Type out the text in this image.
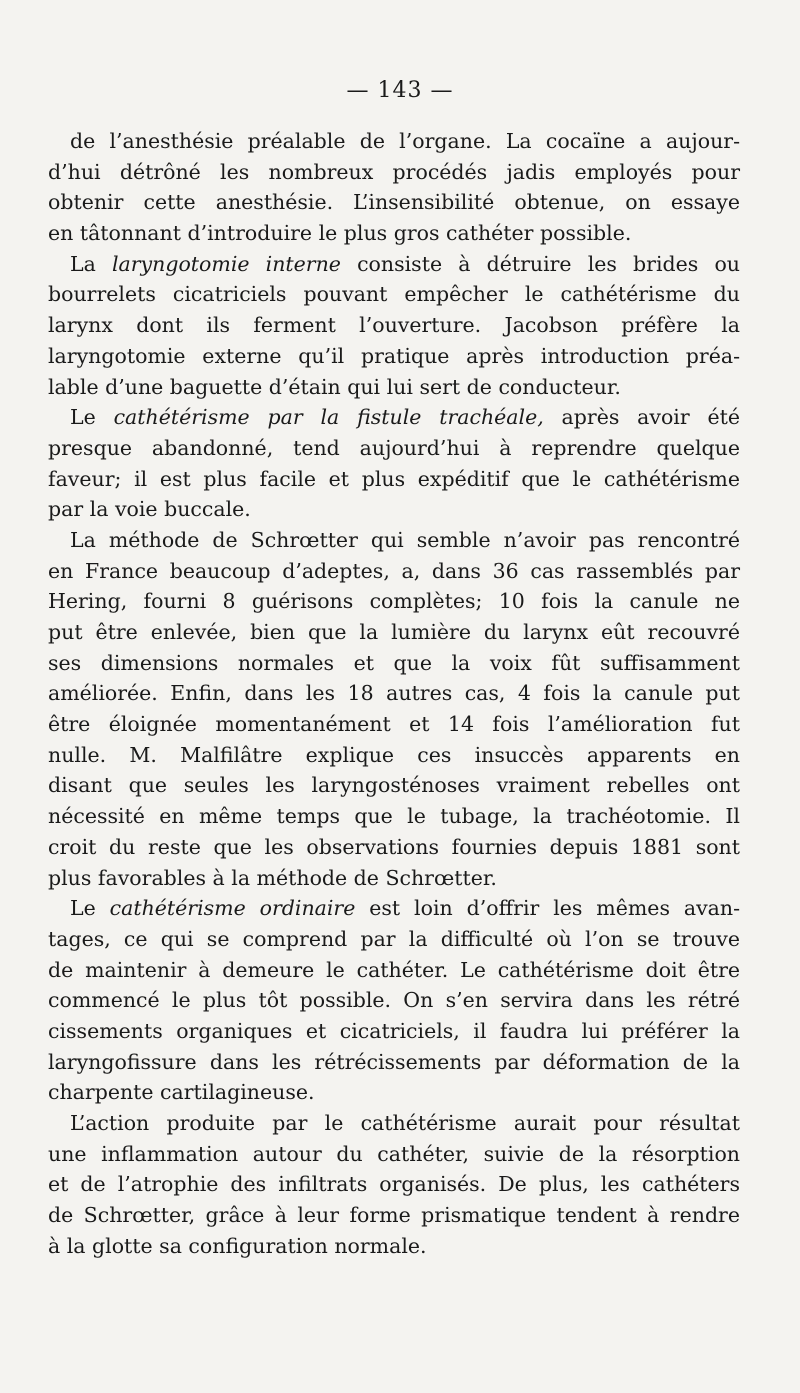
— 143 —
de l’anesthésie préalable de l’organe. La cocaïne a aujour-
d’hui détrôné les nombreux procédés jadis employés pour
obtenir cette anesthésie. L’insensibilité obtenue, on essaye
en tâtonnant d’introduire le plus gros cathéter possible.
La laryngotomie interne consiste à détruire les brides ou
bourrelets cicatriciels pouvant empêcher le cathétérisme du
larynx dont ils ferment l’ouverture. Jacobson préfère la
laryngotomie externe qu’il pratique après introduction préa-
lable d’une baguette d’étain qui lui sert de conducteur.
Le cathétérisme par la fistule trachéale, après avoir été
presque abandonné, tend aujourd’hui à reprendre quelque
faveur; il est plus facile et plus expéditif que le cathétérisme
par la voie buccale.
La méthode de Schrœtter qui semble n’avoir pas rencontré
en France beaucoup d’adeptes, a, dans 36 cas rassemblés par
Hering, fourni 8 guérisons complètes; 10 fois la canule ne
put être enlevée, bien que la lumière du larynx eût recouvré
ses dimensions normales et que la voix fût suffisamment
améliorée. Enfin, dans les 18 autres cas, 4 fois la canule put
être éloignée momentanément et 14 fois l’amélioration fut
nulle. M. Malfilâtre explique ces insuccès apparents en
disant que seules les laryngosténoses vraiment rebelles ont
nécessité en même temps que le tubage, la trachéotomie. Il
croit du reste que les observations fournies depuis 1881 sont
plus favorables à la méthode de Schrœtter.
Le cathétérisme ordinaire est loin d’offrir les mêmes avan-
tages, ce qui se comprend par la difficulté où l’on se trouve
de maintenir à demeure le cathéter. Le cathétérisme doit être
commencé le plus tôt possible. On s’en servira dans les rétré
cissements organiques et cicatriciels, il faudra lui préférer la
laryngofissure dans les rétrécissements par déformation de la
charpente cartilagineuse.
L’action produite par le cathétérisme aurait pour résultat
une inflammation autour du cathéter, suivie de la résorption
et de l’atrophie des infiltrats organisés. De plus, les cathéters
de Schrœtter, grâce à leur forme prismatique tendent à rendre
à la glotte sa configuration normale.
